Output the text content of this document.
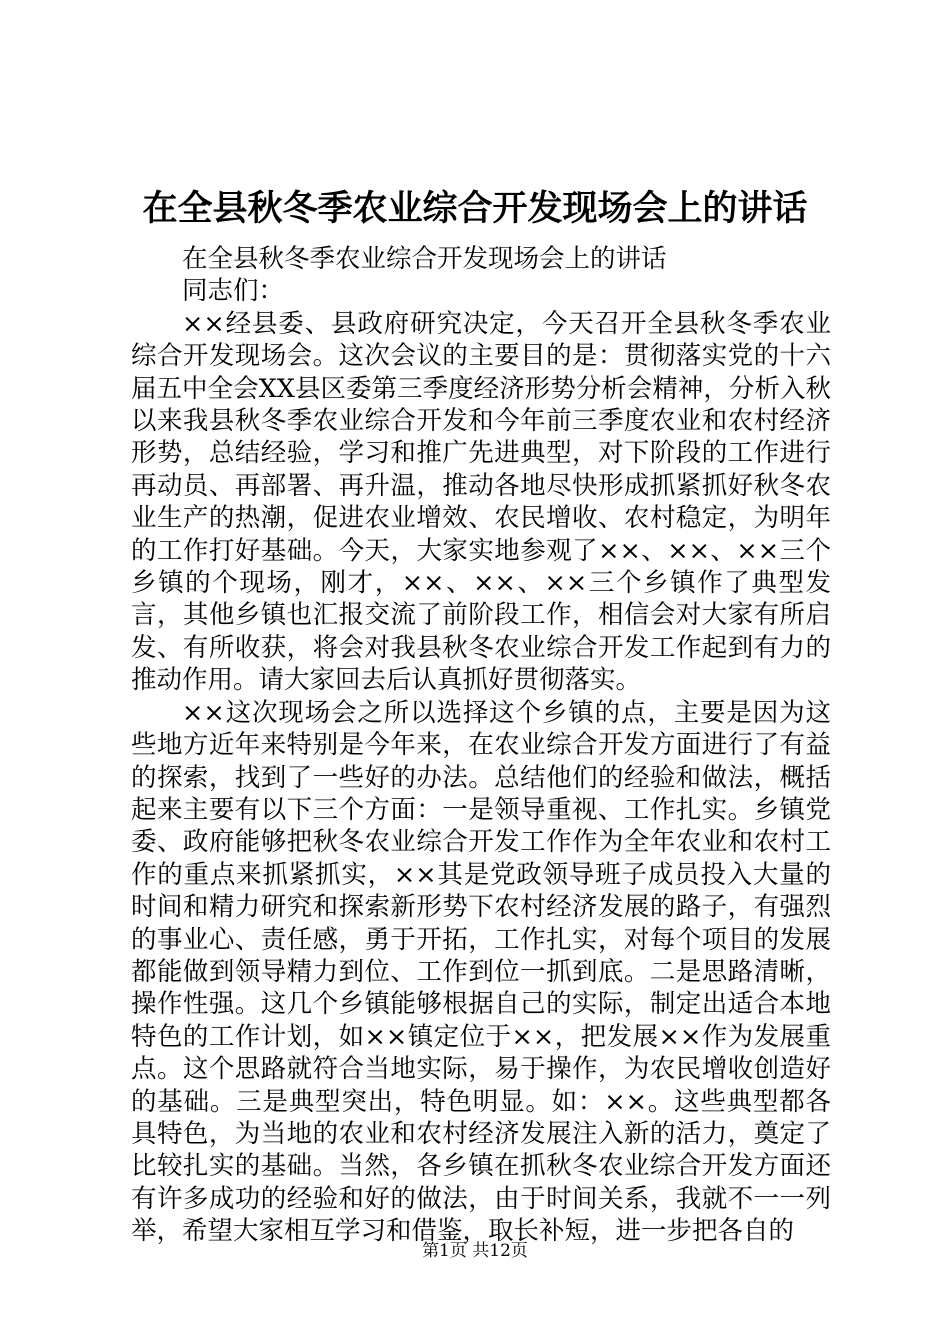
在全县秋冬季农业综合开发现场会上的讲话

在全县秋冬季农业综合开发现场会上的讲话

同志们：

××经县委、县政府研究决定，今天召开全县秋冬季农业综合开发现场会。这次会议的主要目的是：贯彻落实党的十六届五中全会XX县区委第三季度经济形势分析会精神，分析入秋以来我县秋冬季农业综合开发和今年前三季度农业和农村经济形势，总结经验，学习和推广先进典型，对下阶段的工作进行再动员、再部署、再升温，推动各地尽快形成抓紧抓好秋冬农业生产的热潮，促进农业增效、农民增收、农村稳定，为明年的工作打好基础。今天，大家实地参观了××、××、××三个乡镇的个现场，刚才，××、××、××三个乡镇作了典型发言，其他乡镇也汇报交流了前阶段工作，相信会对大家有所启发、有所收获，将会对我县秋冬农业综合开发工作起到有力的推动作用。请大家回去后认真抓好贯彻落实。

××这次现场会之所以选择这个乡镇的点，主要是因为这些地方近年来特别是今年来，在农业综合开发方面进行了有益的探索，找到了一些好的办法。总结他们的经验和做法，概括起来主要有以下三个方面：一是领导重视、工作扎实。乡镇党委、政府能够把秋冬农业综合开发工作作为全年农业和农村工作的重点来抓紧抓实，××其是党政领导班子成员投入大量的时间和精力研究和探索新形势下农村经济发展的路子，有强烈的事业心、责任感，勇于开拓，工作扎实，对每个项目的发展都能做到领导精力到位、工作到位一抓到底。二是思路清晰，操作性强。这几个乡镇能够根据自己的实际，制定出适合本地特色的工作计划，如××镇定位于××，把发展××作为发展重点。这个思路就符合当地实际，易于操作，为农民增收创造好的基础。三是典型突出，特色明显。如：××。这些典型都各具特色，为当地的农业和农村经济发展注入新的活力，奠定了比较扎实的基础。当然，各乡镇在抓秋冬农业综合开发方面还有许多成功的经验和好的做法，由于时间关系，我就不一一列举，希望大家相互学习和借鉴，取长补短，进一步把各自的

第1页 共12页
